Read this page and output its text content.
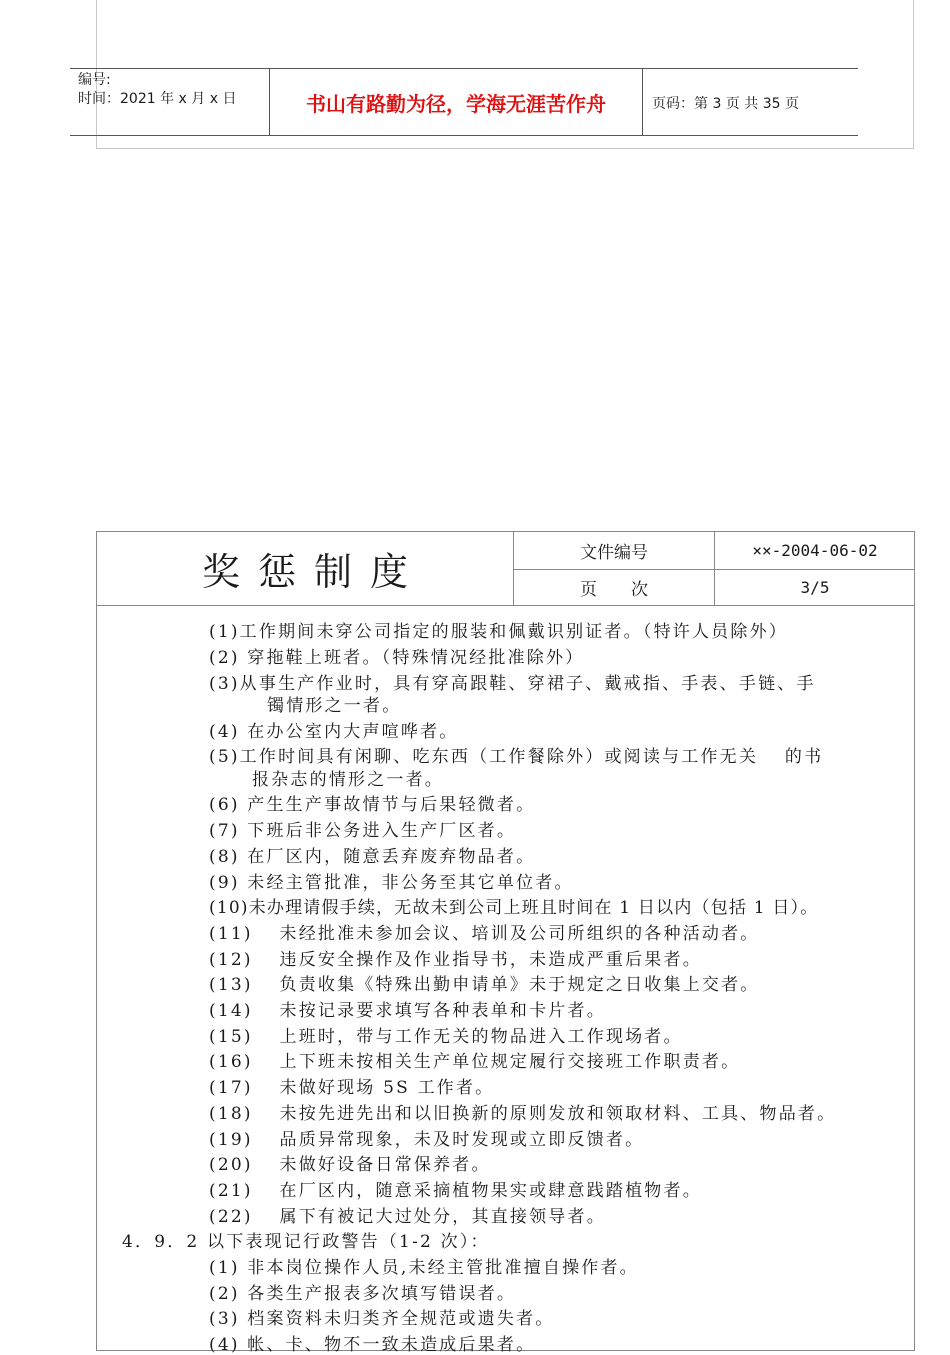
编号:
时间：2021 年 x 月 x 日	书山有路勤为径，学海无涯苦作舟	页码：第 3 页 共 35 页
奖惩制度	文件编号	××-2004-06-02
页　　次	3/5
(1)工作期间未穿公司指定的服装和佩戴识别证者。（特许人员除外）
(2) 穿拖鞋上班者。（特殊情况经批准除外）
(3)从事生产作业时，具有穿高跟鞋、穿裙子、戴戒指、手表、手链、手
镯情形之一者。
(4) 在办公室内大声喧哗者。
(5)工作时间具有闲聊、吃东西（工作餐除外）或阅读与工作无关　 的书
报杂志的情形之一者。
(6) 产生生产事故情节与后果轻微者。
(7) 下班后非公务进入生产厂区者。
(8) 在厂区内，随意丢弃废弃物品者。
(9) 未经主管批准，非公务至其它单位者。
(10)未办理请假手续，无故未到公司上班且时间在 1 日以内（包括 1 日）。
(11)　 未经批准未参加会议、培训及公司所组织的各种活动者。
(12)　 违反安全操作及作业指导书，未造成严重后果者。
(13)　 负责收集《特殊出勤申请单》未于规定之日收集上交者。
(14)　 未按记录要求填写各种表单和卡片者。
(15)　 上班时，带与工作无关的物品进入工作现场者。
(16)　 上下班未按相关生产单位规定履行交接班工作职责者。
(17)　 未做好现场 5S 工作者。
(18)　 未按先进先出和以旧换新的原则发放和领取材料、工具、物品者。
(19)　 品质异常现象，未及时发现或立即反馈者。
(20)　 未做好设备日常保养者。
(21)　 在厂区内，随意采摘植物果实或肆意践踏植物者。
(22)　 属下有被记大过处分，其直接领导者。
4．9．2 以下表现记行政警告（1-2 次）：
(1) 非本岗位操作人员,未经主管批准擅自操作者。
(2) 各类生产报表多次填写错误者。
(3) 档案资料未归类齐全规范或遗失者。
(4) 帐、卡、物不一致未造成后果者。
